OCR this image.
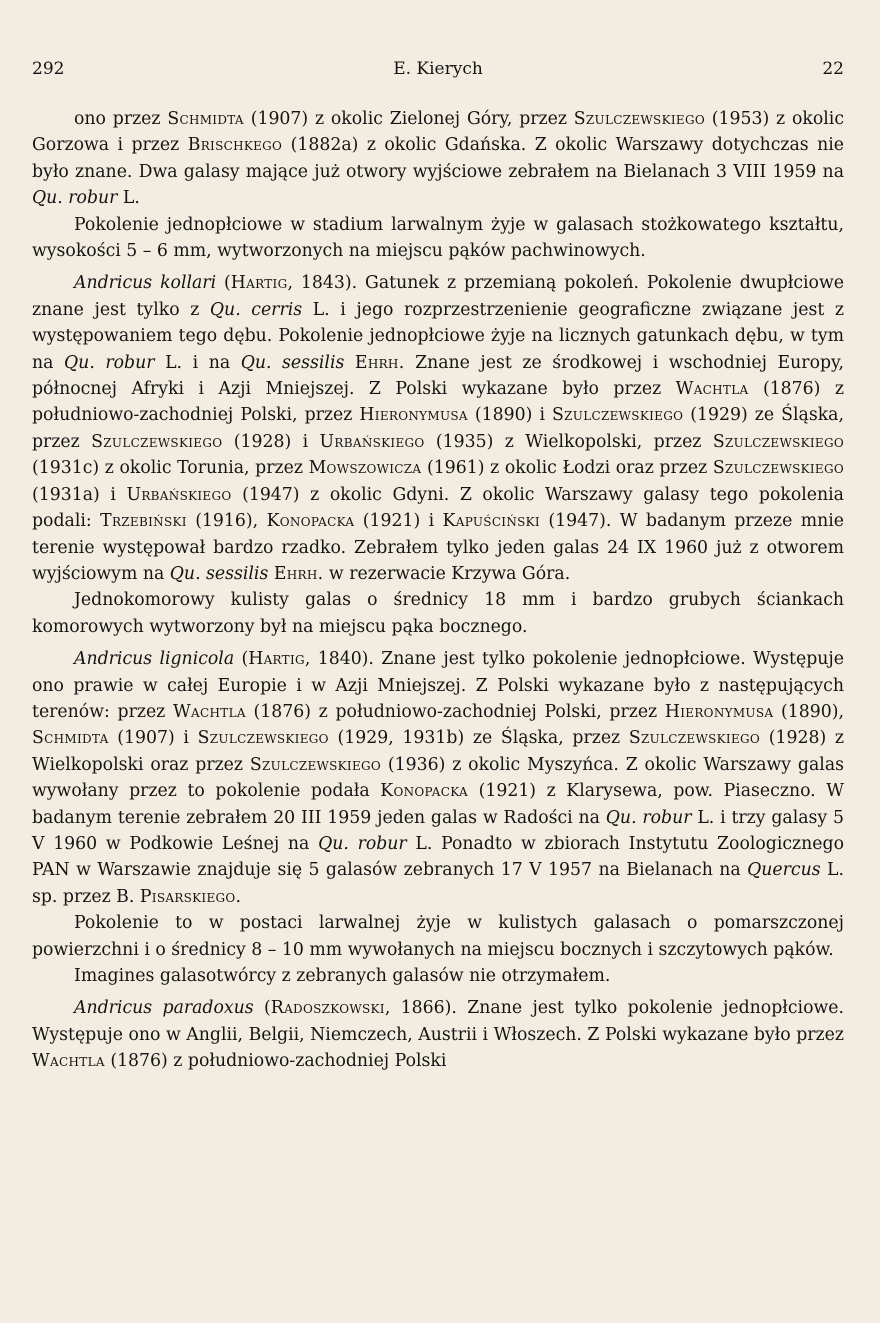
292	E. Kierych	22

ono przez Schmidta (1907) z okolic Zielonej Góry, przez Szulczewskiego (1953) z okolic Gorzowa i przez Brischkego (1882a) z okolic Gdańska. Z okolic Warszawy dotychczas nie było znane. Dwa galasy mające już otwory wyjściowe zebrałem na Bielanach 3 VIII 1959 na Qu. robur L.

Pokolenie jednopłciowe w stadium larwalnym żyje w galasach stożkowatego kształtu, wysokości 5 – 6 mm, wytworzonych na miejscu pąków pachwinowych.

Andricus kollari (Hartig, 1843). Gatunek z przemianą pokoleń. Pokolenie dwupłciowe znane jest tylko z Qu. cerris L. i jego rozprzestrzenienie geograficzne związane jest z występowaniem tego dębu. Pokolenie jednopłciowe żyje na licznych gatunkach dębu, w tym na Qu. robur L. i na Qu. sessilis Ehrh. Znane jest ze środkowej i wschodniej Europy, północnej Afryki i Azji Mniejszej. Z Polski wykazane było przez Wachtla (1876) z południowo-zachodniej Polski, przez Hieronymusa (1890) i Szulczewskiego (1929) ze Śląska, przez Szulczewskiego (1928) i Urbańskiego (1935) z Wielkopolski, przez Szulczewskiego (1931c) z okolic Torunia, przez Mowszowicza (1961) z okolic Łodzi oraz przez Szulczewskiego (1931a) i Urbańskiego (1947) z okolic Gdyni. Z okolic Warszawy galasy tego pokolenia podali: Trzebiński (1916), Konopacka (1921) i Kapuściński (1947). W badanym przeze mnie terenie występował bardzo rzadko. Zebrałem tylko jeden galas 24 IX 1960 już z otworem wyjściowym na Qu. sessilis Ehrh. w rezerwacie Krzywa Góra.

Jednokomorowy kulisty galas o średnicy 18 mm i bardzo grubych ściankach komorowych wytworzony był na miejscu pąka bocznego.

Andricus lignicola (Hartig, 1840). Znane jest tylko pokolenie jednopłciowe. Występuje ono prawie w całej Europie i w Azji Mniejszej. Z Polski wykazane było z następujących terenów: przez Wachtla (1876) z południowo-zachodniej Polski, przez Hieronymusa (1890), Schmidta (1907) i Szulczewskiego (1929, 1931b) ze Śląska, przez Szulczewskiego (1928) z Wielkopolski oraz przez Szulczewskiego (1936) z okolic Myszyńca. Z okolic Warszawy galas wywołany przez to pokolenie podała Konopacka (1921) z Klarysewa, pow. Piaseczno. W badanym terenie zebrałem 20 III 1959 jeden galas w Radości na Qu. robur L. i trzy galasy 5 V 1960 w Podkowie Leśnej na Qu. robur L. Ponadto w zbiorach Instytutu Zoologicznego PAN w Warszawie znajduje się 5 galasów zebranych 17 V 1957 na Bielanach na Quercus L. sp. przez B. Pisarskiego.

Pokolenie to w postaci larwalnej żyje w kulistych galasach o pomarszczonej powierzchni i o średnicy 8 – 10 mm wywołanych na miejscu bocznych i szczytowych pąków.

Imagines galasotwórcy z zebranych galasów nie otrzymałem.

Andricus paradoxus (Radoszkowski, 1866). Znane jest tylko pokolenie jednopłciowe. Występuje ono w Anglii, Belgii, Niemczech, Austrii i Włoszech. Z Polski wykazane było przez Wachtla (1876) z południowo-zachodniej Polski
